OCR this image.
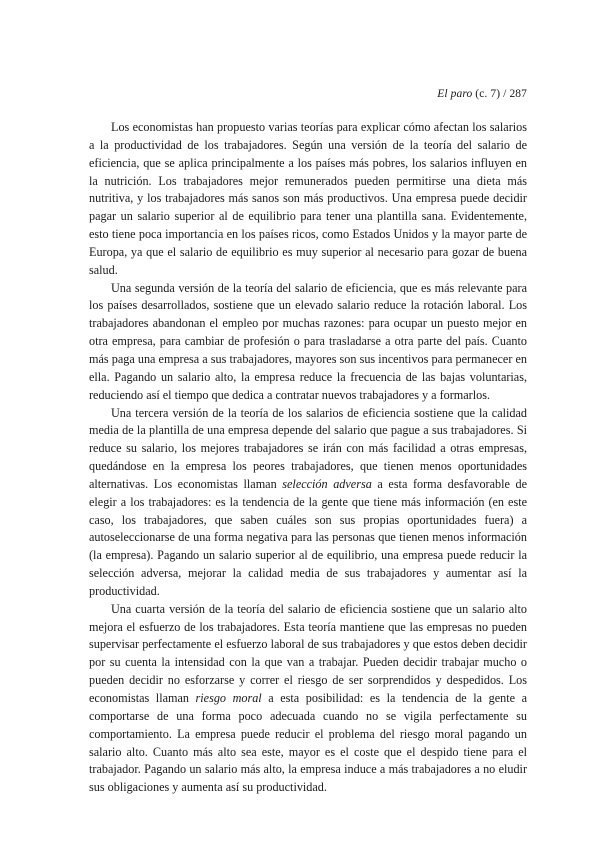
El paro (c. 7) / 287

Los economistas han propuesto varias teorías para explicar cómo afectan los salarios a la productividad de los trabajadores. Según una versión de la teoría del salario de eficiencia, que se aplica principalmente a los países más pobres, los salarios influyen en la nutrición. Los trabajadores mejor remunerados pueden permitirse una dieta más nutritiva, y los trabajadores más sanos son más productivos. Una empresa puede decidir pagar un salario superior al de equilibrio para tener una plantilla sana. Evidentemente, esto tiene poca importancia en los países ricos, como Estados Unidos y la mayor parte de Europa, ya que el salario de equilibrio es muy superior al necesario para gozar de buena salud.

Una segunda versión de la teoría del salario de eficiencia, que es más relevante para los países desarrollados, sostiene que un elevado salario reduce la rotación laboral. Los trabajadores abandonan el empleo por muchas razones: para ocupar un puesto mejor en otra empresa, para cambiar de profesión o para trasladarse a otra parte del país. Cuanto más paga una empresa a sus trabajadores, mayores son sus incentivos para permanecer en ella. Pagando un salario alto, la empresa reduce la frecuencia de las bajas voluntarias, reduciendo así el tiempo que dedica a contratar nuevos trabajadores y a formarlos.

Una tercera versión de la teoría de los salarios de eficiencia sostiene que la calidad media de la plantilla de una empresa depende del salario que pague a sus trabajadores. Si reduce su salario, los mejores trabajadores se irán con más facilidad a otras empresas, quedándose en la empresa los peores trabajadores, que tienen menos oportunidades alternativas. Los economistas llaman selección adversa a esta forma desfavorable de elegir a los trabajadores: es la tendencia de la gente que tiene más información (en este caso, los trabajadores, que saben cuáles son sus propias oportunidades fuera) a autoseleccionarse de una forma negativa para las personas que tienen menos información (la empresa). Pagando un salario superior al de equilibrio, una empresa puede reducir la selección adversa, mejorar la calidad media de sus trabajadores y aumentar así la productividad.

Una cuarta versión de la teoría del salario de eficiencia sostiene que un salario alto mejora el esfuerzo de los trabajadores. Esta teoría mantiene que las empresas no pueden supervisar perfectamente el esfuerzo laboral de sus trabajadores y que estos deben decidir por su cuenta la intensidad con la que van a trabajar. Pueden decidir trabajar mucho o pueden decidir no esforzarse y correr el riesgo de ser sorprendidos y despedidos. Los economistas llaman riesgo moral a esta posibilidad: es la tendencia de la gente a comportarse de una forma poco adecuada cuando no se vigila perfectamente su comportamiento. La empresa puede reducir el problema del riesgo moral pagando un salario alto. Cuanto más alto sea este, mayor es el coste que el despido tiene para el trabajador. Pagando un salario más alto, la empresa induce a más trabajadores a no eludir sus obligaciones y aumenta así su productividad.
